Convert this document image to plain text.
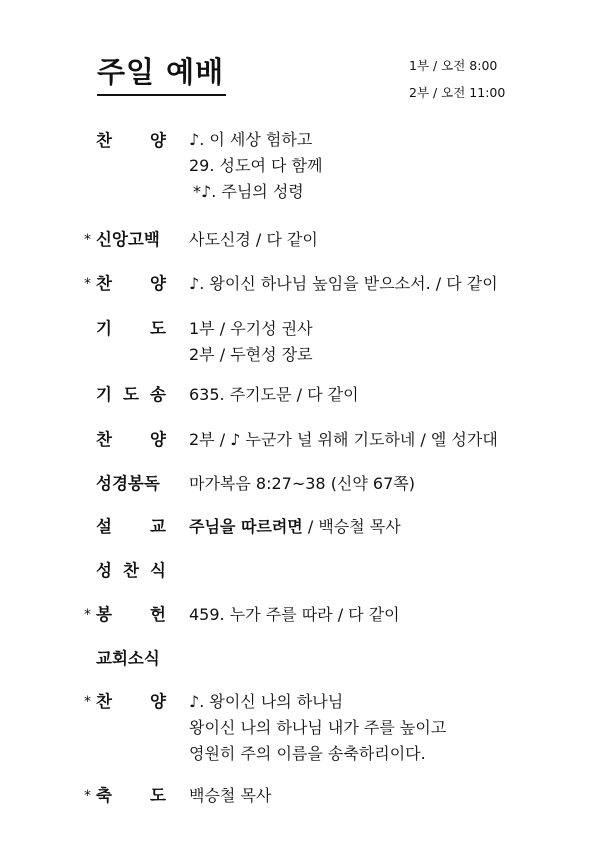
주일 예배	1부 / 오전 8:00
2부 / 오전 11:00
찬 양 ♪. 이 세상 험하고
29. 성도여 다 함께
*♪. 주님의 성령
* 신앙고백 사도신경 / 다 같이
* 찬 양 ♪. 왕이신 하나님 높임을 받으소서. / 다 같이
기 도 1부 / 우기성 권사
2부 / 두현성 장로
기 도 송 635. 주기도문 / 다 같이
찬 양 2부 / ♪ 누군가 널 위해 기도하네 / 엘 성가대
성경봉독 마가복음 8:27~38 (신약 67쪽)
설 교 주님을 따르려면 / 백승철 목사
성 찬 식
* 봉 헌 459. 누가 주를 따라 / 다 같이
교회소식
* 찬 양 ♪. 왕이신 나의 하나님
왕이신 나의 하나님 내가 주를 높이고
영원히 주의 이름을 송축하리이다.
* 축 도 백승철 목사
